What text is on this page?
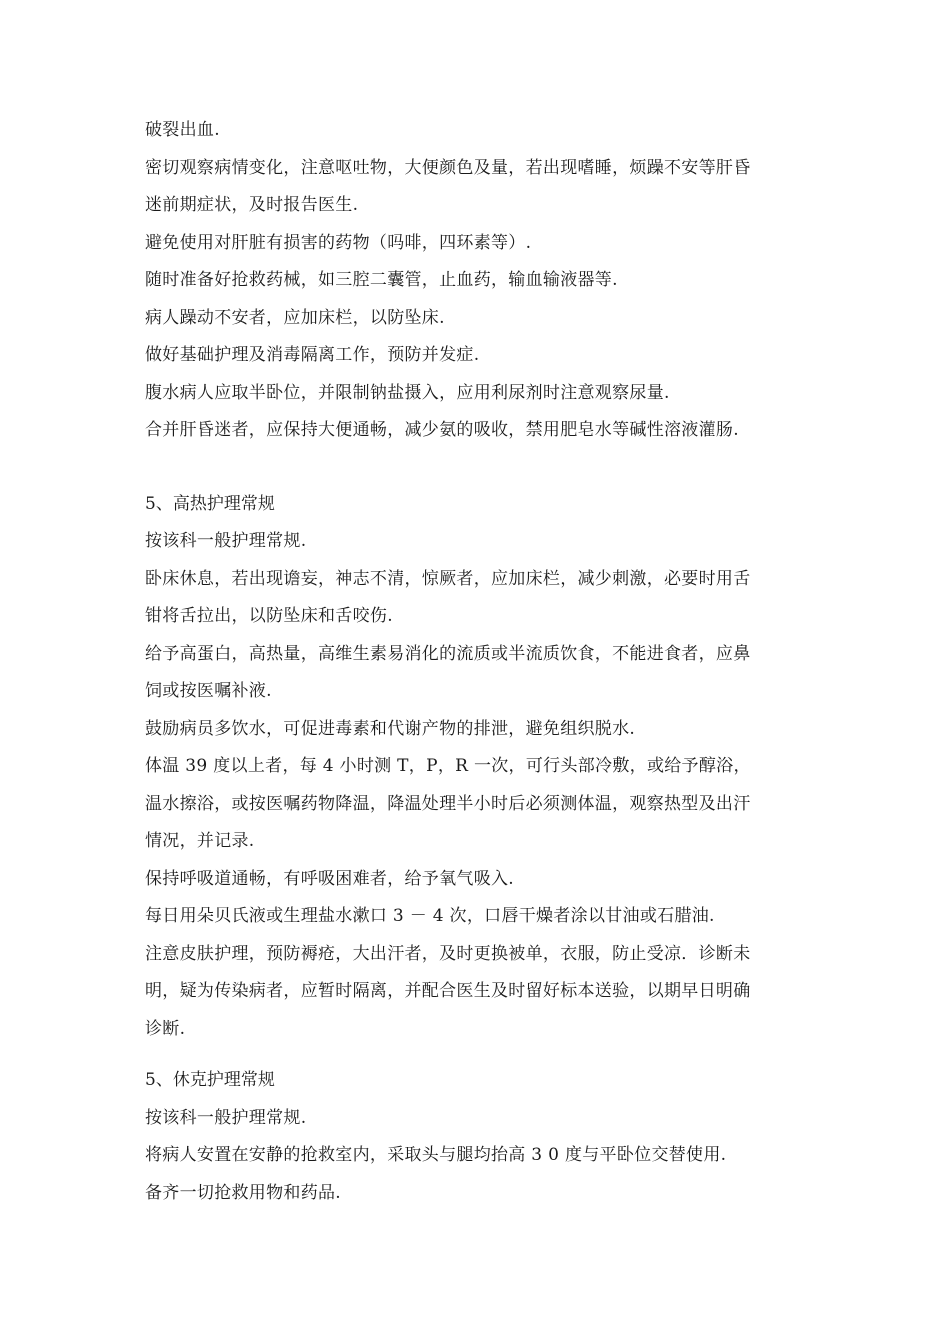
破裂出血.

密切观察病情变化，注意呕吐物，大便颜色及量，若出现嗜睡，烦躁不安等肝昏

迷前期症状，及时报告医生.

避免使用对肝脏有损害的药物（吗啡，四环素等）.

随时准备好抢救药械，如三腔二囊管，止血药，输血输液器等.

病人躁动不安者，应加床栏，以防坠床.

做好基础护理及消毒隔离工作，预防并发症.

腹水病人应取半卧位，并限制钠盐摄入，应用利尿剂时注意观察尿量.

合并肝昏迷者，应保持大便通畅，减少氨的吸收，禁用肥皂水等碱性溶液灌肠.

5、高热护理常规

按该科一般护理常规.

卧床休息，若出现谵妄，神志不清，惊厥者，应加床栏，减少刺激，必要时用舌

钳将舌拉出，以防坠床和舌咬伤.

给予高蛋白，高热量，高维生素易消化的流质或半流质饮食，不能进食者，应鼻

饲或按医嘱补液.

鼓励病员多饮水，可促进毒素和代谢产物的排泄，避免组织脱水.

体温 39 度以上者，每 4 小时测 T，P，R 一次，可行头部冷敷，或给予醇浴，

温水擦浴，或按医嘱药物降温，降温处理半小时后必须测体温，观察热型及出汗

情况，并记录.

保持呼吸道通畅，有呼吸困难者，给予氧气吸入.

每日用朵贝氏液或生理盐水漱口 3 － 4 次，口唇干燥者涂以甘油或石腊油.

注意皮肤护理，预防褥疮，大出汗者，及时更换被单，衣服，防止受凉．诊断未

明，疑为传染病者，应暂时隔离，并配合医生及时留好标本送验，以期早日明确

诊断.

5、休克护理常规

按该科一般护理常规.

将病人安置在安静的抢救室内，采取头与腿均抬高 3 0 度与平卧位交替使用.

备齐一切抢救用物和药品.
